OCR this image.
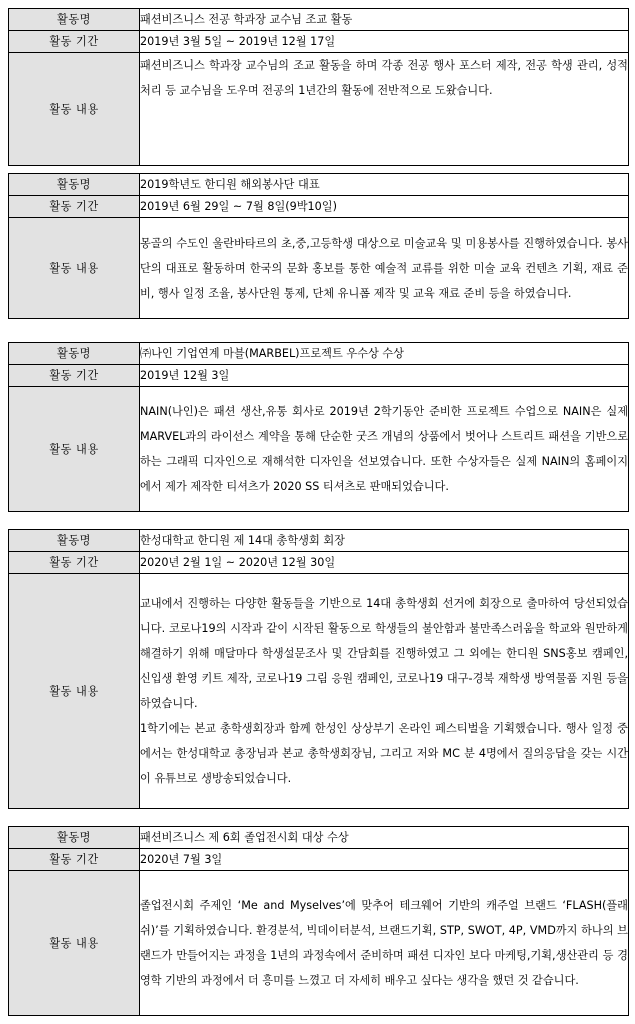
활동명	패션비즈니스 전공 학과장 교수님 조교 활동
활동 기간	2019년 3월 5일 ~ 2019년 12월 17일
활동 내용	패션비즈니스 학과장 교수님의 조교 활동을 하며 각종 전공 행사 포스터 제작, 전공 학생 관리, 성적 처리 등 교수님을 도우며 전공의 1년간의 활동에 전반적으로 도왔습니다.

활동명	2019학년도 한디원 해외봉사단 대표
활동 기간	2019년 6월 29일 ~ 7월 8일(9박10일)
활동 내용	몽골의 수도인 울란바타르의 초,중,고등학생 대상으로 미술교육 및 미용봉사를 진행하였습니다. 봉사단의 대표로 활동하며 한국의 문화 홍보를 통한 예술적 교류를 위한 미술 교육 컨텐츠 기획, 재료 준비, 행사 일정 조율, 봉사단원 통제, 단체 유니폼 제작 및 교육 재료 준비 등을 하였습니다.

활동명	㈜나인 기업연계 마블(MARBEL)프로젝트 우수상 수상
활동 기간	2019년 12월 3일
활동 내용	NAIN(나인)은 패션 생산,유통 회사로 2019년 2학기동안 준비한 프로젝트 수업으로 NAIN은 실제 MARVEL과의 라이선스 계약을 통해 단순한 굿즈 개념의 상품에서 벗어나 스트리트 패션을 기반으로 하는 그래픽 디자인으로 재해석한 디자인을 선보였습니다. 또한 수상자들은 실제 NAIN의 홈페이지에서 제가 제작한 티셔츠가 2020 SS 티셔츠로 판매되었습니다.

활동명	한성대학교 한디원 제 14대 총학생회 회장
활동 기간	2020년 2월 1일 ~ 2020년 12월 30일
활동 내용	교내에서 진행하는 다양한 활동들을 기반으로 14대 총학생회 선거에 회장으로 출마하여 당선되었습니다. 코로나19의 시작과 같이 시작된 활동으로 학생들의 불안함과 불만족스러움을 학교와 원만하게 해결하기 위해 매달마다 학생설문조사 및 간담회를 진행하였고 그 외에는 한디원 SNS홍보 캠페인, 신입생 환영 키트 제작, 코로나19 그림 응원 캠페인, 코로나19 대구-경북 재학생 방역물품 지원 등을 하였습니다.

1학기에는 본교 총학생회장과 함께 한성인 상상부기 온라인 페스티벌을 기획했습니다. 행사 일정 중에서는 한성대학교 총장님과 본교 총학생회장님, 그리고 저와 MC 분 4명에서 질의응답을 갖는 시간이 유튜브로 생방송되었습니다.

활동명	패션비즈니스 제 6회 졸업전시회 대상 수상
활동 기간	2020년 7월 3일
활동 내용	졸업전시회 주제인 ‘Me and Myselves’에 맞추어 테크웨어 기반의 캐주얼 브랜드 ‘FLASH(플래쉬)’를 기획하였습니다. 환경분석, 빅데이터분석, 브랜드기획, STP, SWOT, 4P, VMD까지 하나의 브랜드가 만들어지는 과정을 1년의 과정속에서 준비하며 패션 디자인 보다 마케팅,기획,생산관리 등 경영학 기반의 과정에서 더 흥미를 느꼈고 더 자세히 배우고 싶다는 생각을 했던 것 같습니다.
